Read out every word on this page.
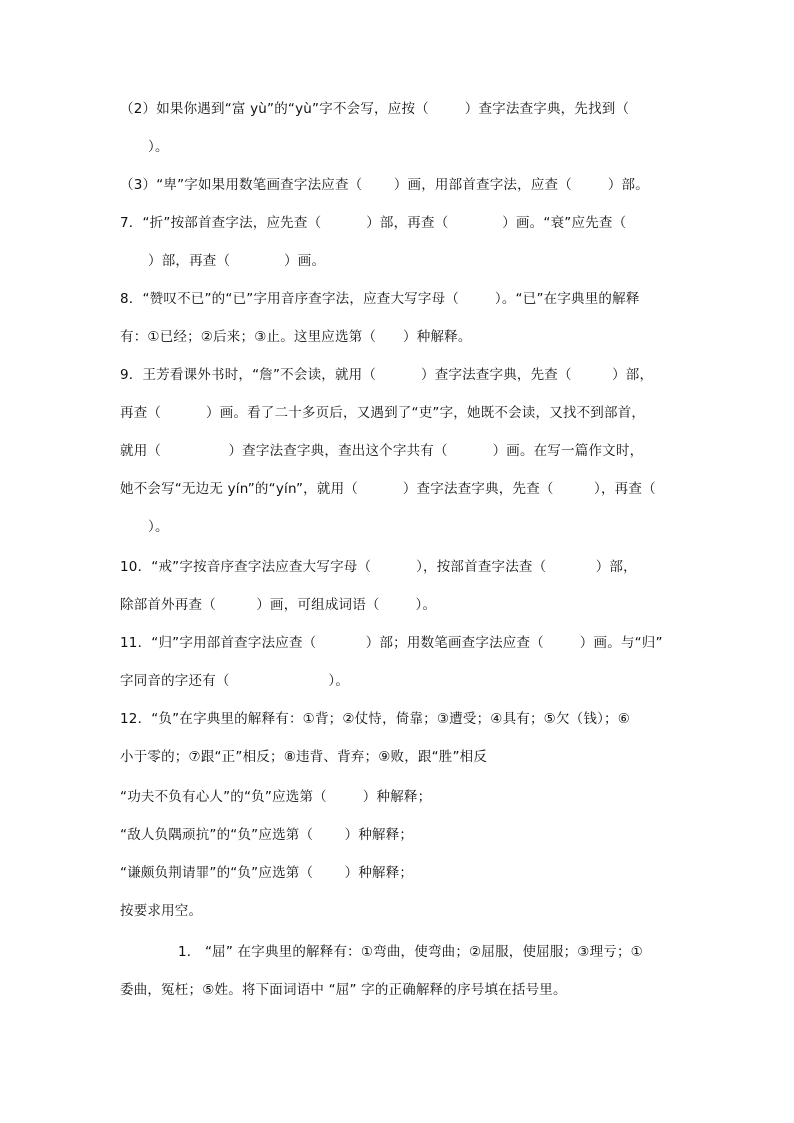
（2）如果你遇到“富 yù”的“yù”字不会写，应按（        ）查字法查字典，先找到（
）。
（3）“卑”字如果用数笔画查字法应查（       ）画，用部首查字法，应查（        ）部。
7．“折”按部首查字法，应先查（          ）部，再查（            ）画。“衰”应先查（
）部，再查（            ）画。
8．“赞叹不已”的“已”字用音序查字法，应查大写字母（        ）。“已”在字典里的解释
有：①已经；②后来；③止。这里应选第（      ）种解释。
9．王芳看课外书时，“詹”不会读，就用（          ）查字法查字典，先查（         ）部，
再查（          ）画。看了二十多页后，又遇到了“吏”字，她既不会读，又找不到部首，
就用（               ）查字法查字典，查出这个字共有（          ）画。在写一篇作文时，
她不会写“无边无 yín”的“yín”，就用（          ）查字法查字典，先查（         ），再查（
）。
10．“戒”字按音序查字法应查大写字母（          ），按部首查字法查（           ）部，
除部首外再查（         ）画，可组成词语（        ）。
11．“归”字用部首查字法应查（           ）部；用数笔画查字法应查（        ）画。与“归”
字同音的字还有（                      ）。
12．“负”在字典里的解释有：①背；②仗恃，倚靠；③遭受；④具有；⑤欠（钱）；⑥
小于零的；⑦跟“正”相反；⑧违背、背弃；⑨败，跟“胜”相反
“功夫不负有心人”的“负”应选第（        ）种解释；
“敌人负隅顽抗”的“负”应选第（       ）种解释；
“谦颇负荆请罪”的“负”应选第（       ）种解释；
按要求用空。
1． “屈” 在字典里的解释有：①弯曲，使弯曲；②屈服，使屈服；③理亏；①
委曲，冤枉；⑤姓。将下面词语中 “屈” 字的正确解释的序号填在括号里。
